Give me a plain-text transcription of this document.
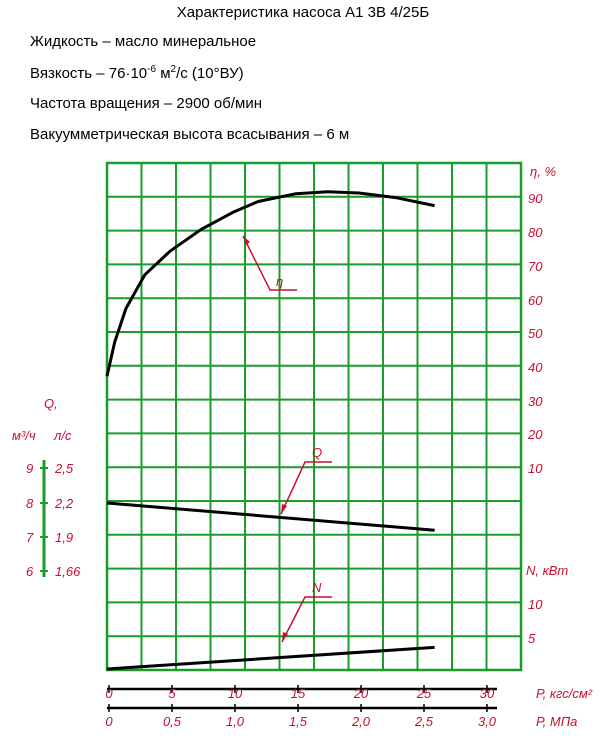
Характеристика насоса А1 3В 4/25Б
Жидкость – масло минеральное
Вязкость – $76\cdot 10^{-6}$ $м^2/с$ (10°ВУ)
Частота вращения – 2900 об/мин
Вакуумметрическая высота всасывания – 6 м
90
80
70
60
50
40
30
20
10
η, %
N, кВт
10
5
Q,
м³/ч л/с
9 2,5
8 2,2
7 1,9
6 1,66
0	5	10	15	20	25	30
0	0,5	1,0	1,5	2,0	2,5	3,0
Р, кгс/см²
Р, МПа
η
Q
N
